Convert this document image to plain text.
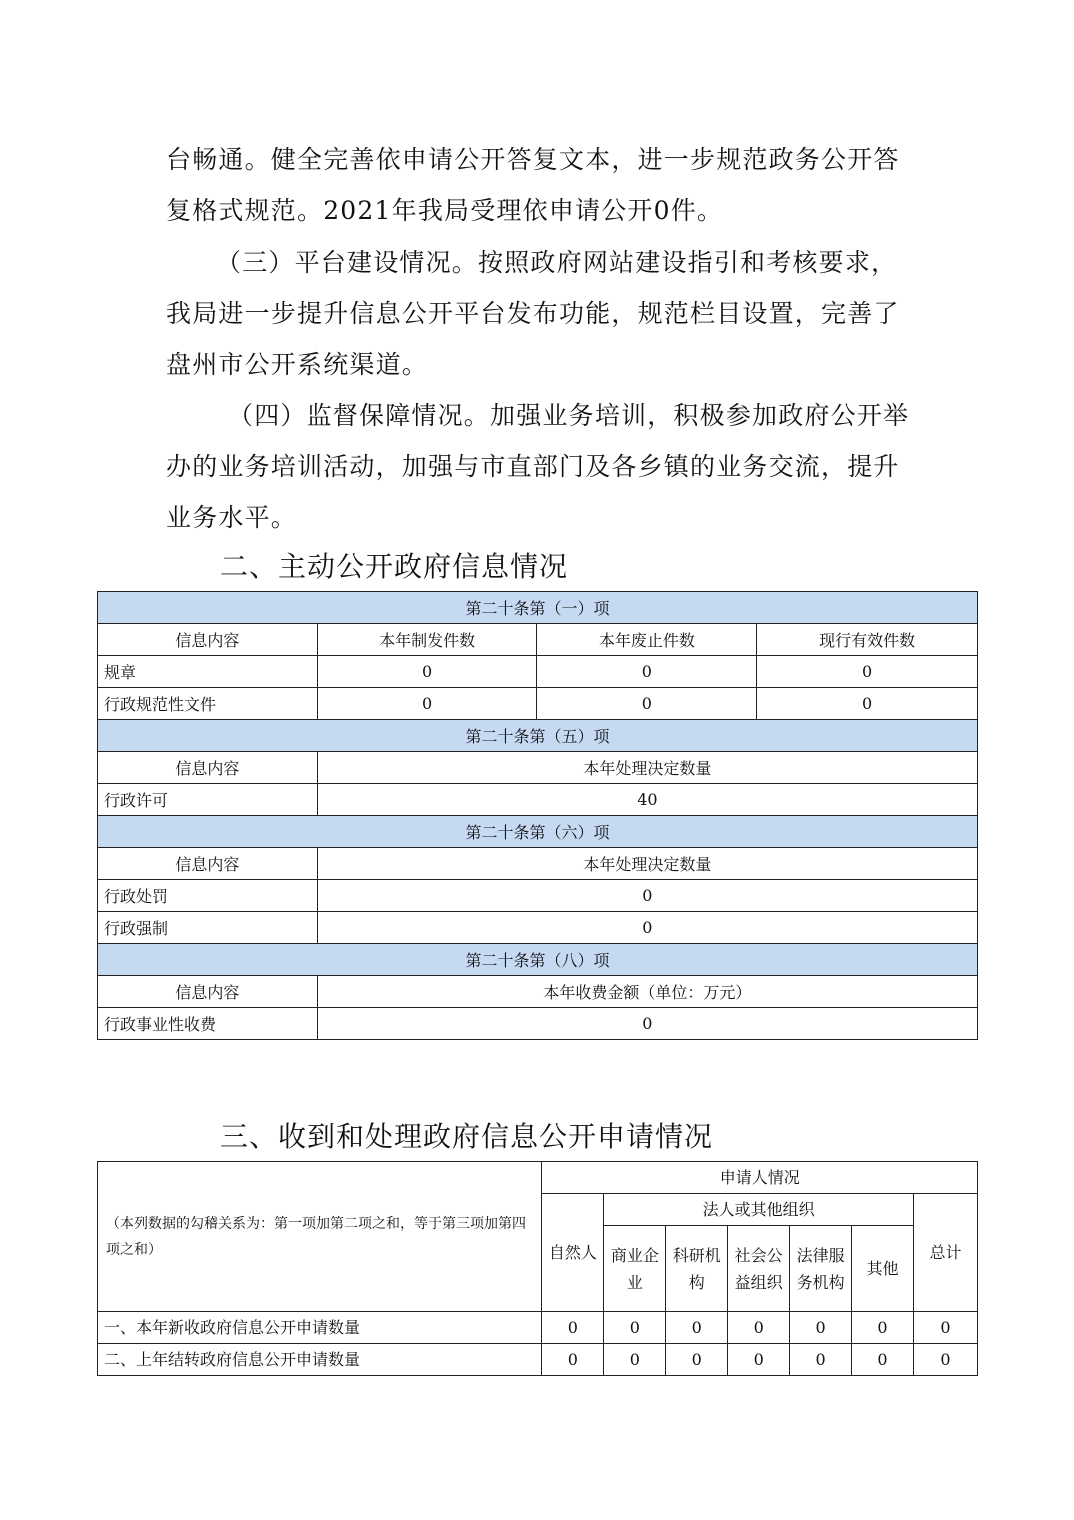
台畅通。健全完善依申请公开答复文本，进一步规范政务公开答复格式规范。2021年我局受理依申请公开0件。
（三）平台建设情况。按照政府网站建设指引和考核要求，我局进一步提升信息公开平台发布功能，规范栏目设置，完善了盘州市公开系统渠道。
（四）监督保障情况。加强业务培训，积极参加政府公开举办的业务培训活动，加强与市直部门及各乡镇的业务交流，提升业务水平。
二、主动公开政府信息情况
第二十条第（一）项			
信息内容	本年制发件数	本年废止件数	现行有效件数
规章	0	0	0
行政规范性文件	0	0	0
第二十条第（五）项			
信息内容	本年处理决定数量		
行政许可	40		
第二十条第（六）项			
信息内容	本年处理决定数量		
行政处罚	0		
行政强制	0		
第二十条第（八）项			
信息内容	本年收费金额（单位：万元）		
行政事业性收费	0		
三、收到和处理政府信息公开申请情况
（本列数据的勾稽关系为：第一项加第二项之和，等于第三项加第四项之和）	申请人情况						
	自然人	法人或其他组织					总计
		商业企业	科研机构	社会公益组织	法律服务机构	其他	
一、本年新收政府信息公开申请数量	0	0	0	0	0	0	0
二、上年结转政府信息公开申请数量	0	0	0	0	0	0	0
